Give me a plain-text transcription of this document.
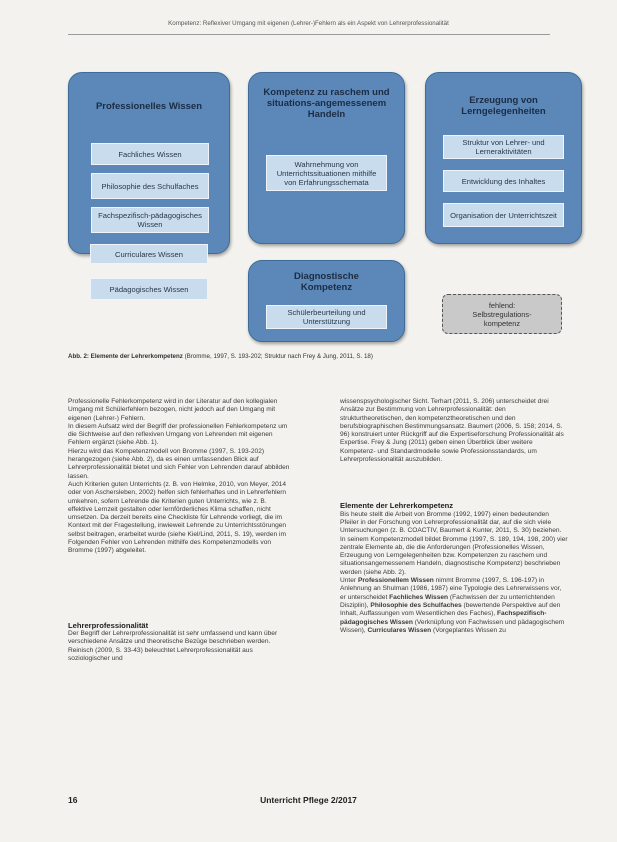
Kompetenz: Reflexiver Umgang mit eigenen (Lehrer-)Fehlern als ein Aspekt von Lehrerprofessionalität
Professionelles Wissen
Fachliches Wissen
Philosophie des Schulfaches
Fachspezifisch-pädagogisches Wissen
Curriculares Wissen
Pädagogisches Wissen
Kompetenz zu raschem und situations-angemessenem Handeln
Wahrnehmung von Unterrichtssituationen mithilfe von Erfahrungsschemata
Erzeugung von Lerngelegenheiten
Struktur von Lehrer- und Lerneraktivitäten
Entwicklung des Inhaltes
Organisation der Unterrichtszeit
Diagnostische Kompetenz
Schülerbeurteilung und Unterstützung
fehlend: Selbstregulations-kompetenz
Abb. 2: Elemente der Lehrerkompetenz (Bromme, 1997, S. 193-202; Struktur nach Frey & Jung, 2011, S. 18)

Professionelle Fehlerkompetenz wird in der Literatur auf den kollegialen Umgang mit Schülerfehlern bezogen, nicht jedoch auf den Umgang mit eigenen (Lehrer-) Fehlern.

In diesem Aufsatz wird der Begriff der professionellen Fehlerkompetenz um die Sichtweise auf den reflexiven Umgang von Lehrenden mit eigenen Fehlern ergänzt (siehe Abb. 1).

Hierzu wird das Kompetenzmodell von Bromme (1997, S. 193-202) herangezogen (siehe Abb. 2), da es einen umfassenden Blick auf Lehrerprofessionalität bietet und sich Fehler von Lehrenden darauf abbilden lassen.

Auch Kriterien guten Unterrichts (z. B. von Helmke, 2010, von Meyer, 2014 oder von Aschersleben, 2002) helfen sich fehlerhaftes und in Lehrerfehlern umkehren, sofern Lehrende die Kriterien guten Unterrichts, wie z. B. effektive Lernzeit gestalten oder lernförderliches Klima schaffen, nicht umsetzen. Da derzeit bereits eine Checkliste für Lehrende vorliegt, die im Kontext mit der Fragestellung, inwieweit Lehrende zu Unterrichtsstörungen selbst beitragen, erarbeitet wurde (siehe Kiel/Lind, 2011, S. 19), werden im Folgenden Fehler von Lehrenden mithilfe des Kompetenzmodells von Bromme (1997) abgeleitet.

Lehrerprofessionalität

Der Begriff der Lehrerprofessionalität ist sehr umfassend und kann über verschiedene Ansätze und theoretische Bezüge beschrieben werden. Reinisch (2009, S. 33-43) beleuchtet Lehrerprofessionalität aus soziologischer und

wissenspsychologischer Sicht. Terhart (2011, S. 206) unterscheidet drei Ansätze zur Bestimmung von Lehrerprofessionalität: den strukturtheoretischen, den kompetenztheoretischen und den berufsbiographischen Bestimmungsansatz. Baumert (2006, S. 158; 2014, S. 96) konstruiert unter Rückgriff auf die Expertiseforschung Professionalität als Expertise. Frey & Jung (2011) geben einen Überblick über weitere Kompetenz- und Standardmodelle sowie Professionsstandards, um Lehrerprofessionalität auszubilden.

Elemente der Lehrerkompetenz

Bis heute stellt die Arbeit von Bromme (1992, 1997) einen bedeutenden Pfeiler in der Forschung von Lehrerprofessionalität dar, auf die sich viele Untersuchungen (z. B. COACTIV, Baumert & Kunter, 2011, S. 30) beziehen.

In seinem Kompetenzmodell bildet Bromme (1997, S. 189, 194, 198, 200) vier zentrale Elemente ab, die die Anforderungen (Professionelles Wissen, Erzeugung von Lerngelegenheiten bzw. Kompetenzen zu raschem und situationsangemessenem Handeln, diagnostische Kompetenz) beschrieben werden (siehe Abb. 2).

Unter Professionellem Wissen nimmt Bromme (1997, S. 196-197) in Anlehnung an Shulman (1986, 1987) eine Typologie des Lehrerwissens vor, er unterscheidet Fachliches Wissen (Fachwissen der zu unterrichtenden Disziplin), Philosophie des Schulfaches (bewertende Perspektive auf den Inhalt, Auffassungen vom Wesentlichen des Faches), Fachspezifisch-pädagogisches Wissen (Verknüpfung von Fachwissen und pädagogischem Wissen), Curriculares Wissen (Vorgeplantes Wissen zu

16	Unterricht Pflege 2/2017
